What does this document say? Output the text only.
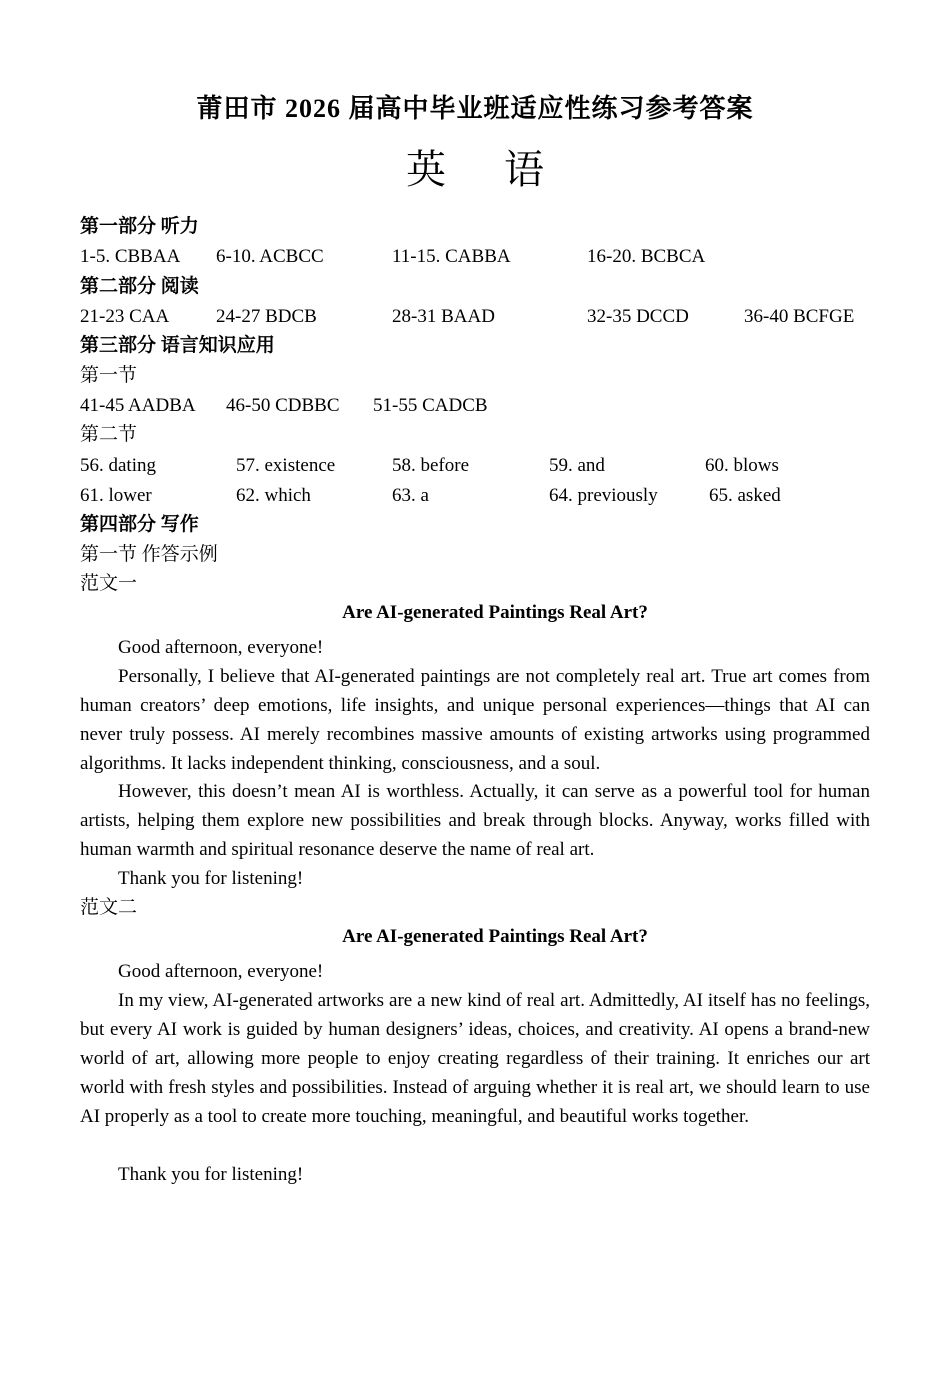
莆田市 2026 届高中毕业班适应性练习参考答案
英 语
第一部分 听力
1-5. CBBAA 6-10. ACBCC	11-15. CABBA	16-20. BCBCA
第二部分 阅读
21-23 CAA 24-27 BDCB	28-31 BAAD	32-35 DCCD	36-40 BCFGE
第三部分 语言知识应用
第一节
41-45 AADBA 46-50 CDBBC 51-55 CADCB
第二节
56. dating	57. existence	58. before	59. and	60. blows
61. lower	62. which	63. a	64. previously	65. asked
第四部分 写作
第一节 作答示例
范文一
Are AI-generated Paintings Real Art?

Good afternoon, everyone!

Personally, I believe that AI-generated paintings are not completely real art. True art comes from human creators’ deep emotions, life insights, and unique personal experiences—things that AI can never truly possess. AI merely recombines massive amounts of existing artworks using programmed algorithms. It lacks independent thinking, consciousness, and a soul.

However, this doesn’t mean AI is worthless. Actually, it can serve as a powerful tool for human artists, helping them explore new possibilities and break through blocks. Anyway, works filled with human warmth and spiritual resonance deserve the name of real art.

Thank you for listening!

范文二
Are AI-generated Paintings Real Art?

Good afternoon, everyone!

In my view, AI-generated artworks are a new kind of real art. Admittedly, AI itself has no feelings, but every AI work is guided by human designers’ ideas, choices, and creativity. AI opens a brand-new world of art, allowing more people to enjoy creating regardless of their training. It enriches our art world with fresh styles and possibilities. Instead of arguing whether it is real art, we should learn to use AI properly as a tool to create more touching, meaningful, and beautiful works together.

Thank you for listening!
